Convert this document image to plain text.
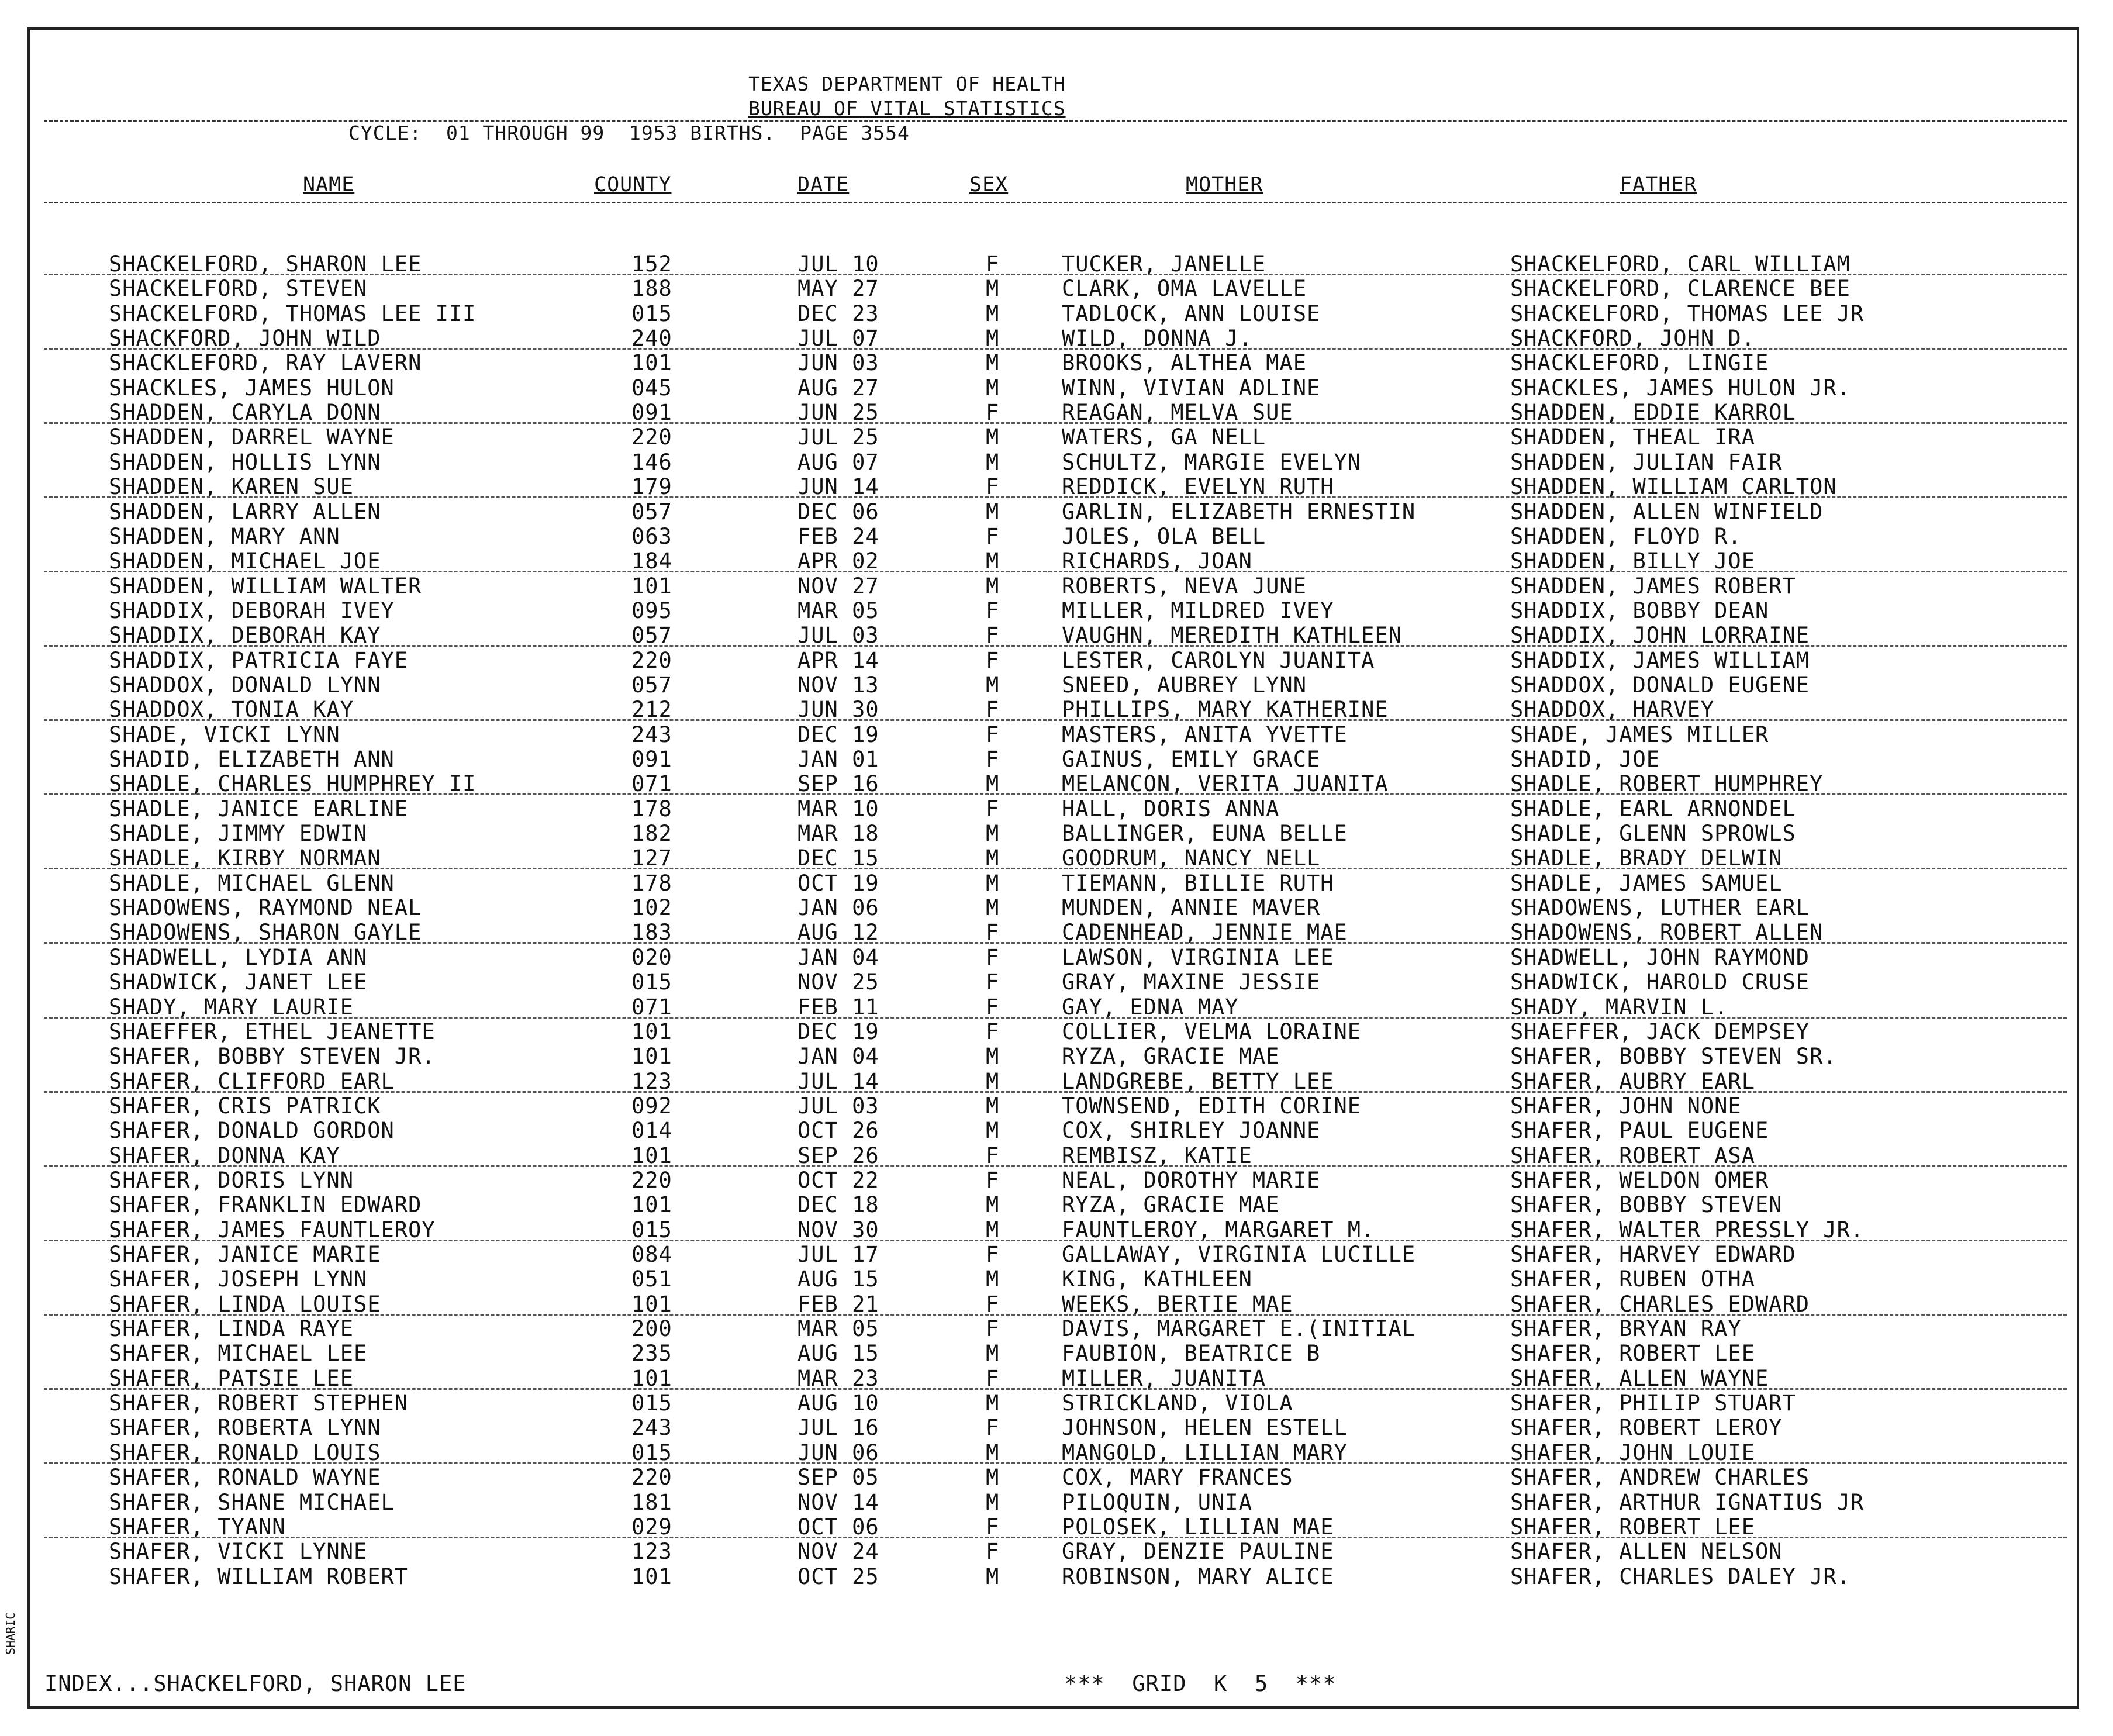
TEXAS DEPARTMENT OF HEALTH
BUREAU OF VITAL STATISTICS
CYCLE:  01 THROUGH 99  1953 BIRTHS.  PAGE 3554
NAME	COUNTY	DATE	SEX	MOTHER	FATHER
SHACKELFORD, SHARON LEE	152	JUL 10	F	TUCKER, JANELLE	SHACKELFORD, CARL WILLIAM
SHACKELFORD, STEVEN	188	MAY 27	M	CLARK, OMA LAVELLE	SHACKELFORD, CLARENCE BEE
SHACKELFORD, THOMAS LEE III	015	DEC 23	M	TADLOCK, ANN LOUISE	SHACKELFORD, THOMAS LEE JR
SHACKFORD, JOHN WILD	240	JUL 07	M	WILD, DONNA J.	SHACKFORD, JOHN D.
SHACKLEFORD, RAY LAVERN	101	JUN 03	M	BROOKS, ALTHEA MAE	SHACKLEFORD, LINGIE
SHACKLES, JAMES HULON	045	AUG 27	M	WINN, VIVIAN ADLINE	SHACKLES, JAMES HULON JR.
SHADDEN, CARYLA DONN	091	JUN 25	F	REAGAN, MELVA SUE	SHADDEN, EDDIE KARROL
SHADDEN, DARREL WAYNE	220	JUL 25	M	WATERS, GA NELL	SHADDEN, THEAL IRA
SHADDEN, HOLLIS LYNN	146	AUG 07	M	SCHULTZ, MARGIE EVELYN	SHADDEN, JULIAN FAIR
SHADDEN, KAREN SUE	179	JUN 14	F	REDDICK, EVELYN RUTH	SHADDEN, WILLIAM CARLTON
SHADDEN, LARRY ALLEN	057	DEC 06	M	GARLIN, ELIZABETH ERNESTIN	SHADDEN, ALLEN WINFIELD
SHADDEN, MARY ANN	063	FEB 24	F	JOLES, OLA BELL	SHADDEN, FLOYD R.
SHADDEN, MICHAEL JOE	184	APR 02	M	RICHARDS, JOAN	SHADDEN, BILLY JOE
SHADDEN, WILLIAM WALTER	101	NOV 27	M	ROBERTS, NEVA JUNE	SHADDEN, JAMES ROBERT
SHADDIX, DEBORAH IVEY	095	MAR 05	F	MILLER, MILDRED IVEY	SHADDIX, BOBBY DEAN
SHADDIX, DEBORAH KAY	057	JUL 03	F	VAUGHN, MEREDITH KATHLEEN	SHADDIX, JOHN LORRAINE
SHADDIX, PATRICIA FAYE	220	APR 14	F	LESTER, CAROLYN JUANITA	SHADDIX, JAMES WILLIAM
SHADDOX, DONALD LYNN	057	NOV 13	M	SNEED, AUBREY LYNN	SHADDOX, DONALD EUGENE
SHADDOX, TONIA KAY	212	JUN 30	F	PHILLIPS, MARY KATHERINE	SHADDOX, HARVEY
SHADE, VICKI LYNN	243	DEC 19	F	MASTERS, ANITA YVETTE	SHADE, JAMES MILLER
SHADID, ELIZABETH ANN	091	JAN 01	F	GAINUS, EMILY GRACE	SHADID, JOE
SHADLE, CHARLES HUMPHREY II	071	SEP 16	M	MELANCON, VERITA JUANITA	SHADLE, ROBERT HUMPHREY
SHADLE, JANICE EARLINE	178	MAR 10	F	HALL, DORIS ANNA	SHADLE, EARL ARNONDEL
SHADLE, JIMMY EDWIN	182	MAR 18	M	BALLINGER, EUNA BELLE	SHADLE, GLENN SPROWLS
SHADLE, KIRBY NORMAN	127	DEC 15	M	GOODRUM, NANCY NELL	SHADLE, BRADY DELWIN
SHADLE, MICHAEL GLENN	178	OCT 19	M	TIEMANN, BILLIE RUTH	SHADLE, JAMES SAMUEL
SHADOWENS, RAYMOND NEAL	102	JAN 06	M	MUNDEN, ANNIE MAVER	SHADOWENS, LUTHER EARL
SHADOWENS, SHARON GAYLE	183	AUG 12	F	CADENHEAD, JENNIE MAE	SHADOWENS, ROBERT ALLEN
SHADWELL, LYDIA ANN	020	JAN 04	F	LAWSON, VIRGINIA LEE	SHADWELL, JOHN RAYMOND
SHADWICK, JANET LEE	015	NOV 25	F	GRAY, MAXINE JESSIE	SHADWICK, HAROLD CRUSE
SHADY, MARY LAURIE	071	FEB 11	F	GAY, EDNA MAY	SHADY, MARVIN L.
SHAEFFER, ETHEL JEANETTE	101	DEC 19	F	COLLIER, VELMA LORAINE	SHAEFFER, JACK DEMPSEY
SHAFER, BOBBY STEVEN JR.	101	JAN 04	M	RYZA, GRACIE MAE	SHAFER, BOBBY STEVEN SR.
SHAFER, CLIFFORD EARL	123	JUL 14	M	LANDGREBE, BETTY LEE	SHAFER, AUBRY EARL
SHAFER, CRIS PATRICK	092	JUL 03	M	TOWNSEND, EDITH CORINE	SHAFER, JOHN NONE
SHAFER, DONALD GORDON	014	OCT 26	M	COX, SHIRLEY JOANNE	SHAFER, PAUL EUGENE
SHAFER, DONNA KAY	101	SEP 26	F	REMBISZ, KATIE	SHAFER, ROBERT ASA
SHAFER, DORIS LYNN	220	OCT 22	F	NEAL, DOROTHY MARIE	SHAFER, WELDON OMER
SHAFER, FRANKLIN EDWARD	101	DEC 18	M	RYZA, GRACIE MAE	SHAFER, BOBBY STEVEN
SHAFER, JAMES FAUNTLEROY	015	NOV 30	M	FAUNTLEROY, MARGARET M.	SHAFER, WALTER PRESSLY JR.
SHAFER, JANICE MARIE	084	JUL 17	F	GALLAWAY, VIRGINIA LUCILLE	SHAFER, HARVEY EDWARD
SHAFER, JOSEPH LYNN	051	AUG 15	M	KING, KATHLEEN	SHAFER, RUBEN OTHA
SHAFER, LINDA LOUISE	101	FEB 21	F	WEEKS, BERTIE MAE	SHAFER, CHARLES EDWARD
SHAFER, LINDA RAYE	200	MAR 05	F	DAVIS, MARGARET E.(INITIAL	SHAFER, BRYAN RAY
SHAFER, MICHAEL LEE	235	AUG 15	M	FAUBION, BEATRICE B	SHAFER, ROBERT LEE
SHAFER, PATSIE LEE	101	MAR 23	F	MILLER, JUANITA	SHAFER, ALLEN WAYNE
SHAFER, ROBERT STEPHEN	015	AUG 10	M	STRICKLAND, VIOLA	SHAFER, PHILIP STUART
SHAFER, ROBERTA LYNN	243	JUL 16	F	JOHNSON, HELEN ESTELL	SHAFER, ROBERT LEROY
SHAFER, RONALD LOUIS	015	JUN 06	M	MANGOLD, LILLIAN MARY	SHAFER, JOHN LOUIE
SHAFER, RONALD WAYNE	220	SEP 05	M	COX, MARY FRANCES	SHAFER, ANDREW CHARLES
SHAFER, SHANE MICHAEL	181	NOV 14	M	PILOQUIN, UNIA	SHAFER, ARTHUR IGNATIUS JR
SHAFER, TYANN	029	OCT 06	F	POLOSEK, LILLIAN MAE	SHAFER, ROBERT LEE
SHAFER, VICKI LYNNE	123	NOV 24	F	GRAY, DENZIE PAULINE	SHAFER, ALLEN NELSON
SHAFER, WILLIAM ROBERT	101	OCT 25	M	ROBINSON, MARY ALICE	SHAFER, CHARLES DALEY JR.
SHARIC
INDEX...SHACKELFORD, SHARON LEE	***  GRID  K  5  ***
